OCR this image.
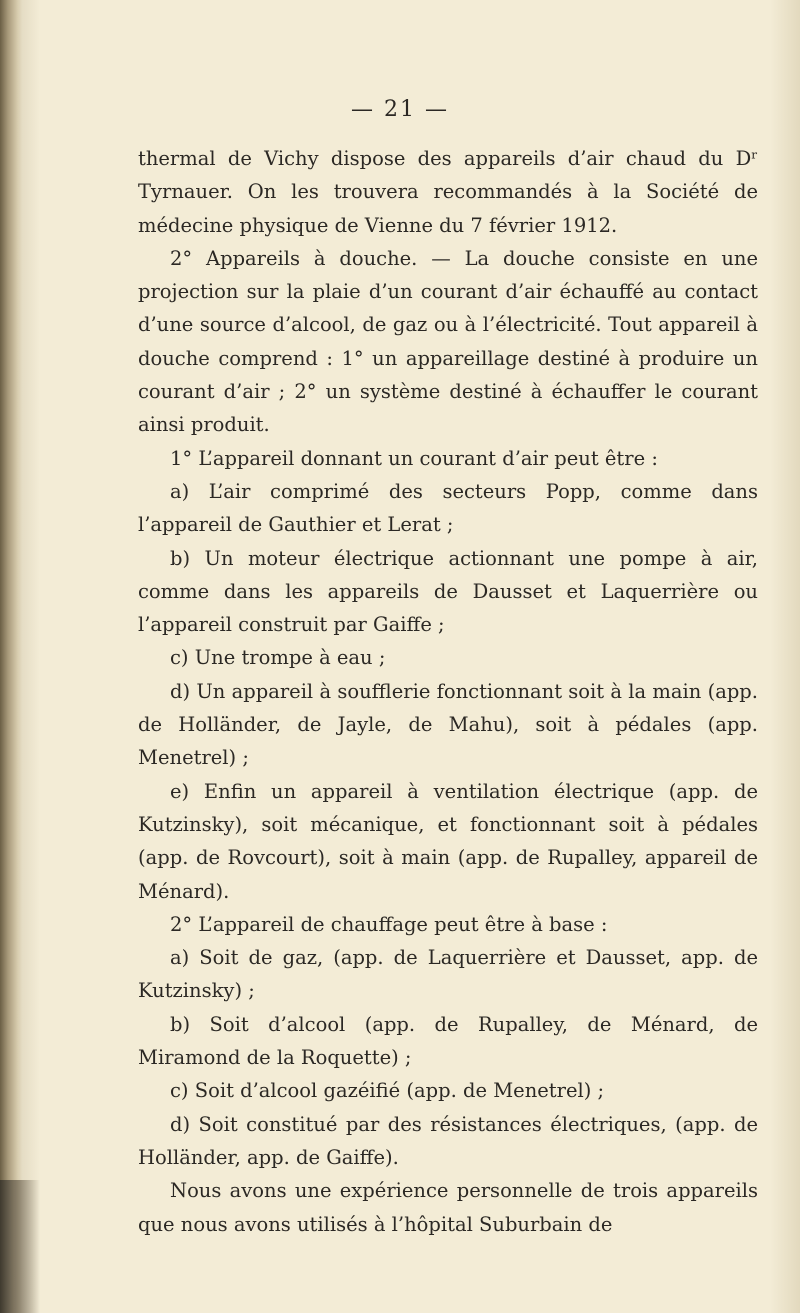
— 21 —

thermal de Vichy dispose des appareils d’air chaud du Dʳ Tyrnauer. On les trouvera recommandés à la Société de médecine physique de Vienne du 7 février 1912.

2° Appareils à douche. — La douche consiste en une projection sur la plaie d’un courant d’air échauffé au contact d’une source d’alcool, de gaz ou à l’électricité. Tout appareil à douche comprend : 1° un appareillage destiné à produire un courant d’air ; 2° un système destiné à échauffer le courant ainsi produit.

1° L’appareil donnant un courant d’air peut être :

a) L’air comprimé des secteurs Popp, comme dans l’appareil de Gauthier et Lerat ;

b) Un moteur électrique actionnant une pompe à air, comme dans les appareils de Dausset et Laquerrière ou l’appareil construit par Gaiffe ;

c) Une trompe à eau ;

d) Un appareil à soufflerie fonctionnant soit à la main (app. de Holländer, de Jayle, de Mahu), soit à pédales (app. Menetrel) ;

e) Enfin un appareil à ventilation électrique (app. de Kutzinsky), soit mécanique, et fonctionnant soit à pédales (app. de Rovcourt), soit à main (app. de Rupalley, appareil de Ménard).

2° L’appareil de chauffage peut être à base :

a) Soit de gaz, (app. de Laquerrière et Dausset, app. de Kutzinsky) ;

b) Soit d’alcool (app. de Rupalley, de Ménard, de Miramond de la Roquette) ;

c) Soit d’alcool gazéifié (app. de Menetrel) ;

d) Soit constitué par des résistances électriques, (app. de Holländer, app. de Gaiffe).

Nous avons une expérience personnelle de trois appareils que nous avons utilisés à l’hôpital Suburbain de
